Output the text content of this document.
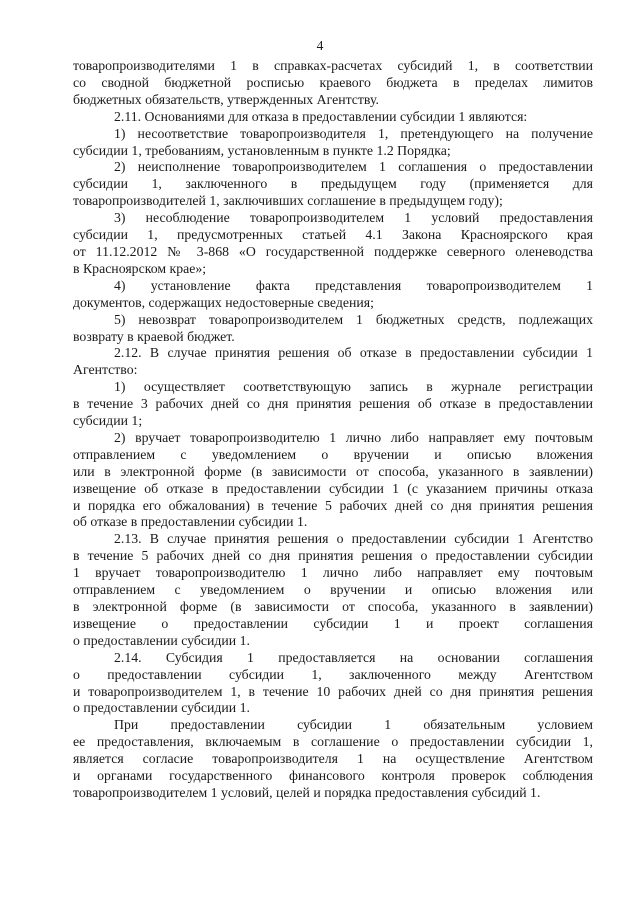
4

товаропроизводителями 1 в справках-расчетах субсидий 1, в соответствии
со сводной бюджетной росписью краевого бюджета в пределах лимитов
бюджетных обязательств, утвержденных Агентству.

2.11. Основаниями для отказа в предоставлении субсидии 1 являются:

1) несоответствие товаропроизводителя 1, претендующего на получение
субсидии 1, требованиям, установленным в пункте 1.2 Порядка;

2) неисполнение товаропроизводителем 1 соглашения о предоставлении
субсидии 1, заключенного в предыдущем году (применяется для
товаропроизводителей 1, заключивших соглашение в предыдущем году);

3) несоблюдение товаропроизводителем 1 условий предоставления
субсидии 1, предусмотренных статьей 4.1 Закона Красноярского края
от 11.12.2012 № 3-868 «О государственной поддержке северного оленеводства
в Красноярском крае»;

4) установление факта представления товаропроизводителем 1
документов, содержащих недостоверные сведения;

5) невозврат товаропроизводителем 1 бюджетных средств, подлежащих
возврату в краевой бюджет.

2.12. В случае принятия решения об отказе в предоставлении субсидии 1
Агентство:

1) осуществляет соответствующую запись в журнале регистрации
в течение 3 рабочих дней со дня принятия решения об отказе в предоставлении
субсидии 1;

2) вручает товаропроизводителю 1 лично либо направляет ему почтовым
отправлением с уведомлением о вручении и описью вложения
или в электронной форме (в зависимости от способа, указанного в заявлении)
извещение об отказе в предоставлении субсидии 1 (с указанием причины отказа
и порядка его обжалования) в течение 5 рабочих дней со дня принятия решения
об отказе в предоставлении субсидии 1.

2.13. В случае принятия решения о предоставлении субсидии 1 Агентство
в течение 5 рабочих дней со дня принятия решения о предоставлении субсидии
1 вручает товаропроизводителю 1 лично либо направляет ему почтовым
отправлением с уведомлением о вручении и описью вложения или
в электронной форме (в зависимости от способа, указанного в заявлении)
извещение о предоставлении субсидии 1 и проект соглашения
о предоставлении субсидии 1.

2.14. Субсидия 1 предоставляется на основании соглашения
о предоставлении субсидии 1, заключенного между Агентством
и товаропроизводителем 1, в течение 10 рабочих дней со дня принятия решения
о предоставлении субсидии 1.

При предоставлении субсидии 1 обязательным условием
ее предоставления, включаемым в соглашение о предоставлении субсидии 1,
является согласие товаропроизводителя 1 на осуществление Агентством
и органами государственного финансового контроля проверок соблюдения
товаропроизводителем 1 условий, целей и порядка предоставления субсидий 1.
